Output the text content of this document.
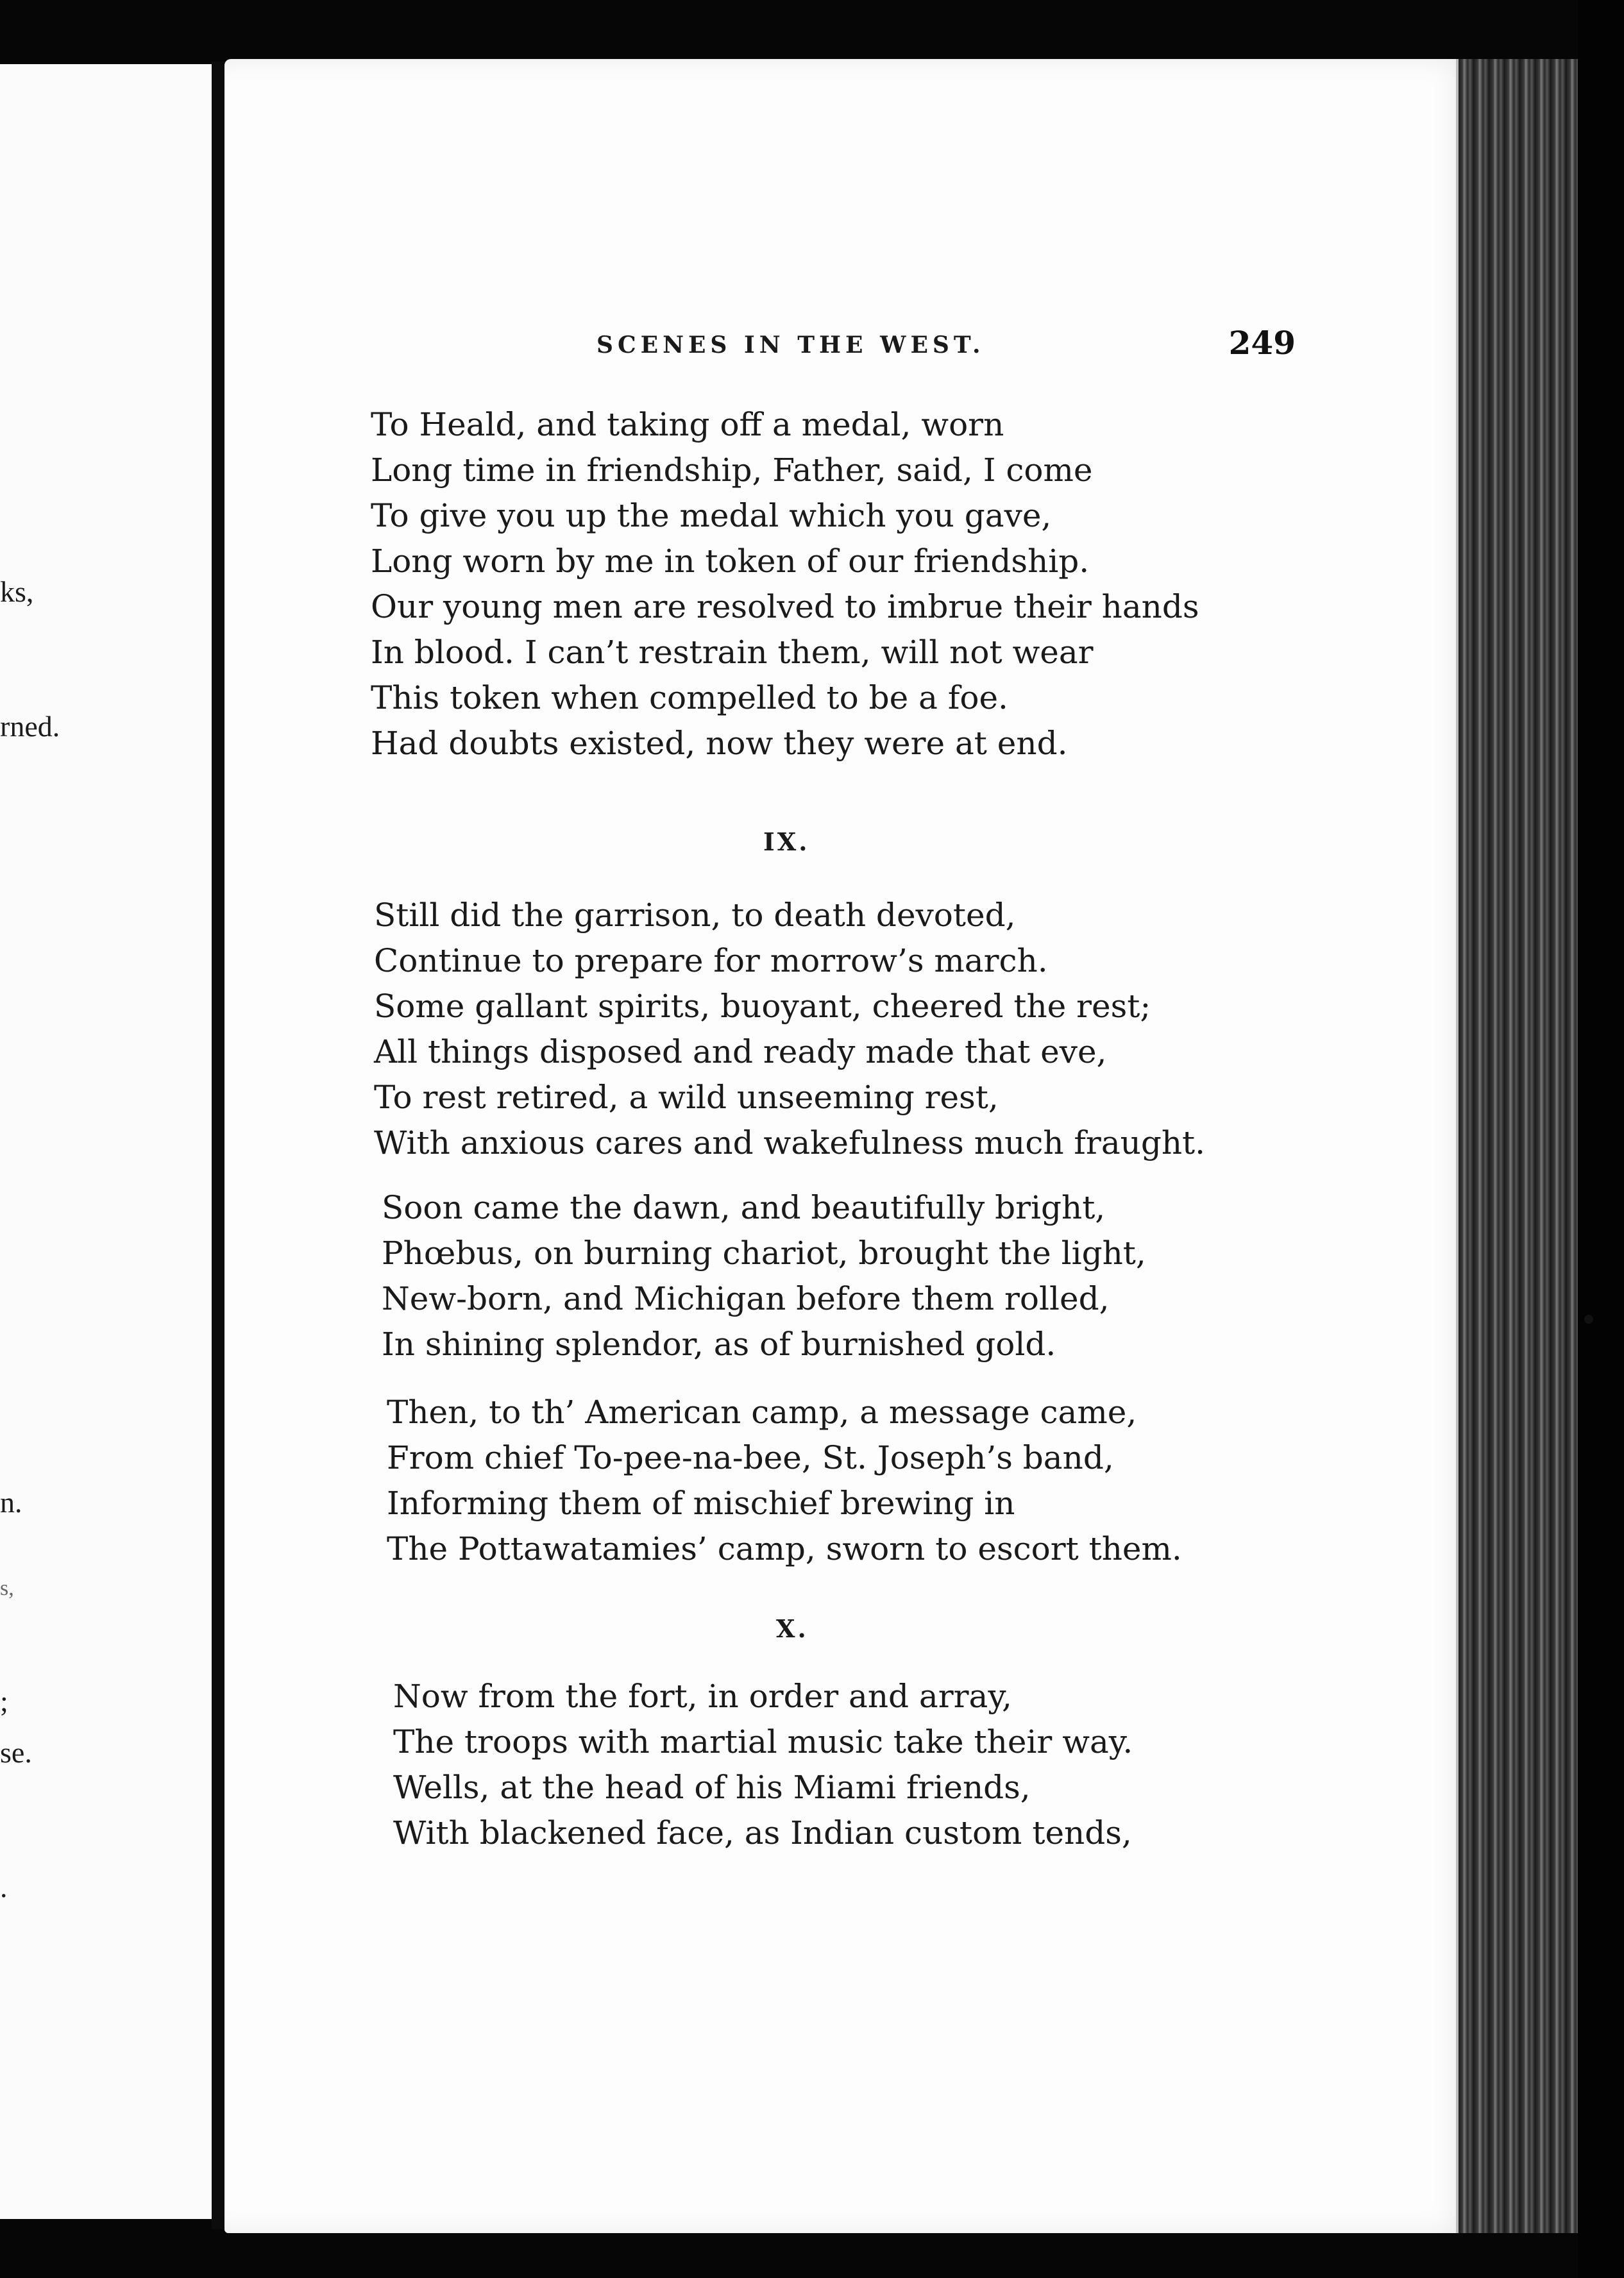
ks,
rned.
n.
s,
;
se.
.
SCENES IN THE WEST.	249
To Heald, and taking off a medal, worn
Long time in friendship, Father, said, I come
To give you up the medal which you gave,
Long worn by me in token of our friendship.
Our young men are resolved to imbrue their hands
In blood. I can’t restrain them, will not wear
This token when compelled to be a foe.
Had doubts existed, now they were at end.
IX.
Still did the garrison, to death devoted,
Continue to prepare for morrow’s march.
Some gallant spirits, buoyant, cheered the rest;
All things disposed and ready made that eve,
To rest retired, a wild unseeming rest,
With anxious cares and wakefulness much fraught.
Soon came the dawn, and beautifully bright,
Phœbus, on burning chariot, brought the light,
New-born, and Michigan before them rolled,
In shining splendor, as of burnished gold.
Then, to th’ American camp, a message came,
From chief To-pee-na-bee, St. Joseph’s band,
Informing them of mischief brewing in
The Pottawatamies’ camp, sworn to escort them.
X.
Now from the fort, in order and array,
The troops with martial music take their way.
Wells, at the head of his Miami friends,
With blackened face, as Indian custom tends,
